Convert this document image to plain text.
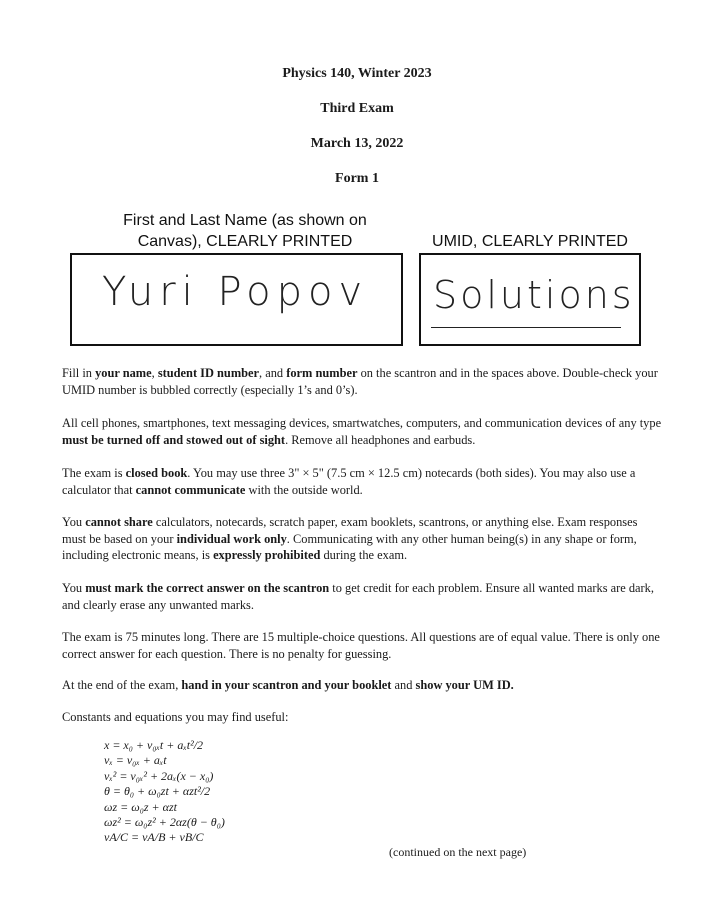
Physics 140, Winter 2023
Third Exam
March 13, 2022
Form 1
First and Last Name (as shown on
Canvas), CLEARLY PRINTED	UMID, CLEARLY PRINTED
Yuri Popov Solutions

Fill in your name, student ID number, and form number on the scantron and in the spaces above. Double-check your UMID number is bubbled correctly (especially 1’s and 0’s).

All cell phones, smartphones, text messaging devices, smartwatches, computers, and communication devices of any type must be turned off and stowed out of sight. Remove all headphones and earbuds.

The exam is closed book. You may use three 3" × 5" (7.5 cm × 12.5 cm) notecards (both sides). You may also use a calculator that cannot communicate with the outside world.

You cannot share calculators, notecards, scratch paper, exam booklets, scantrons, or anything else. Exam responses must be based on your individual work only. Communicating with any other human being(s) in any shape or form, including electronic means, is expressly prohibited during the exam.

You must mark the correct answer on the scantron to get credit for each problem. Ensure all wanted marks are dark, and clearly erase any unwanted marks.

The exam is 75 minutes long. There are 15 multiple-choice questions. All questions are of equal value. There is only one correct answer for each question. There is no penalty for guessing.

At the end of the exam, hand in your scantron and your booklet and show your UM ID.

Constants and equations you may find useful:

x = x₀ + v₀ₓt + aₓt²/2
vₓ = v₀ₓ + aₓt
vₓ² = v₀ₓ² + 2aₓ(x − x₀)
θ = θ₀ + ω₀zt + αzt²/2
ωz = ω₀z + αzt
ωz² = ω₀z² + 2αz(θ − θ₀)
vA/C = vA/B + vB/C
(continued on the next page)
